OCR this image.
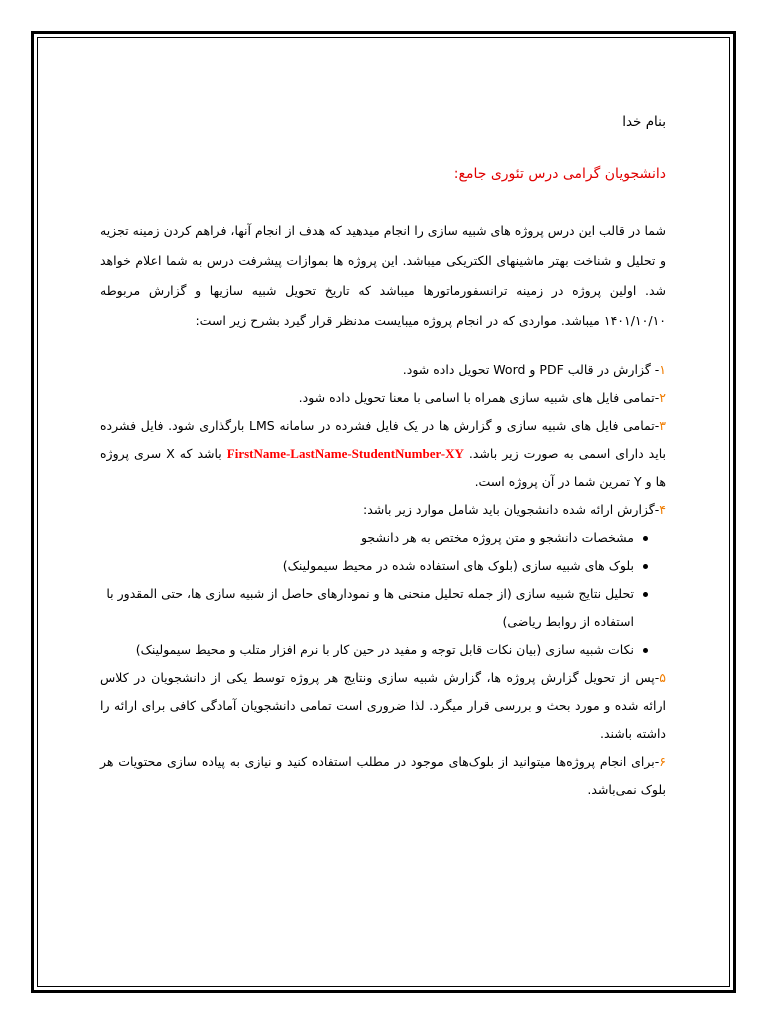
بنام خدا
دانشجویان گرامی درس تئوری جامع:
شما در قالب این درس پروژه های شبیه سازی را انجام میدهید که هدف از انجام آنها، فراهم کردن زمینه تجزیه و تحلیل و شناخت بهتر ماشینهای الکتریکی میباشد. این پروژه ها بموازات پیشرفت درس به شما اعلام خواهد شد. اولین پروژه در زمینه ترانسفورماتورها میباشد که تاریخ تحویل شبیه سازیها و گزارش مربوطه ۱۴۰۱/۱۰/۱۰ میباشد. مواردی که در انجام پروژه میبایست مدنظر قرار گیرد بشرح زیر است:

۱- گزارش در قالب PDF و Word تحویل داده شود.

۲-تمامی فایل های شبیه سازی همراه با اسامی با معنا تحویل داده شود.

۳-تمامی فایل های شبیه سازی و گزارش ها در یک فایل فشرده در سامانه LMS بارگذاری شود. فایل فشرده باید دارای اسمی به صورت زیر باشد. FirstName-LastName-StudentNumber-XY باشد که X سری پروژه ها و Y تمرین شما در آن پروژه است.

۴-گزارش ارائه شده دانشجویان باید شامل موارد زیر باشد:

مشخصات دانشجو و متن پروژه مختص به هر دانشجو
بلوک های شبیه سازی (بلوک های استفاده شده در محیط سیمولینک)
تحلیل نتایج شبیه سازی (از جمله تحلیل منحنی ها و نمودارهای حاصل از شبیه سازی ها، حتی المقدور با استفاده از روابط ریاضی)
نکات شبیه سازی (بیان نکات قابل توجه و مفید در حین کار با نرم افزار متلب و محیط سیمولینک)

۵-پس از تحویل گزارش پروژه ها، گزارش شبیه سازی ونتایج هر پروژه توسط یکی از دانشجویان در کلاس ارائه شده و مورد بحث و بررسی قرار میگرد. لذا ضروری است تمامی دانشجویان آمادگی کافی برای ارائه را داشته باشند.

۶-برای انجام پروژه‌ها میتوانید از بلوک‌های موجود در مطلب استفاده کنید و نیازی به پیاده سازی محتویات هر بلوک نمی‌باشد.
